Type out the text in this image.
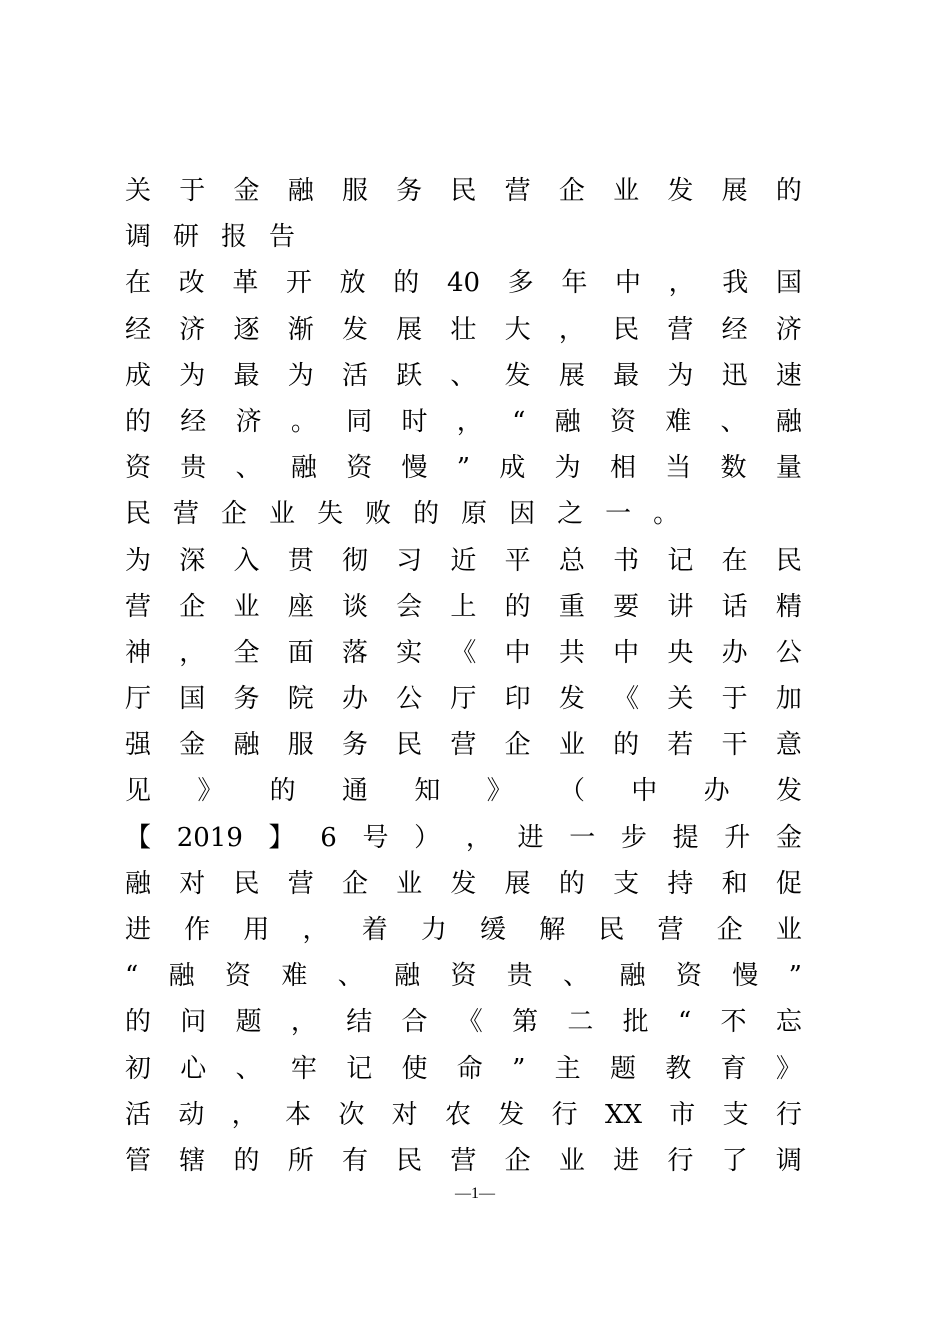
关 于 金 融 服 务 民 营 企 业 发 展 的
调 研 报 告
在 改 革 开 放 的 40 多 年 中 ， 我 国
经 济 逐 渐 发 展 壮 大 ， 民 营 经 济
成 为 最 为 活 跃 、 发 展 最 为 迅 速
的 经 济 。 同 时 ， “ 融 资 难 、 融
资 贵 、 融 资 慢 ” 成 为 相 当 数 量
民 营 企 业 失 败 的 原 因 之 一 。
为 深 入 贯 彻 习 近 平 总 书 记 在 民
营 企 业 座 谈 会 上 的 重 要 讲 话 精
神 ， 全 面 落 实 《 中 共 中 央 办 公
厅 国 务 院 办 公 厅 印 发 《 关 于 加
强 金 融 服 务 民 营 企 业 的 若 干 意
见 》 的 通 知 》 （ 中 办 发
【 2019 】 6 号 ） ， 进 一 步 提 升 金
融 对 民 营 企 业 发 展 的 支 持 和 促
进 作 用 ， 着 力 缓 解 民 营 企 业
“ 融 资 难 、 融 资 贵 、 融 资 慢 ”
的 问 题 ， 结 合 《 第 二 批 “ 不 忘
初 心 、 牢 记 使 命 ” 主 题 教 育 》
活 动 ， 本 次 对 农 发 行 XX 市 支 行
管 辖 的 所 有 民 营 企 业 进 行 了 调
—1—
